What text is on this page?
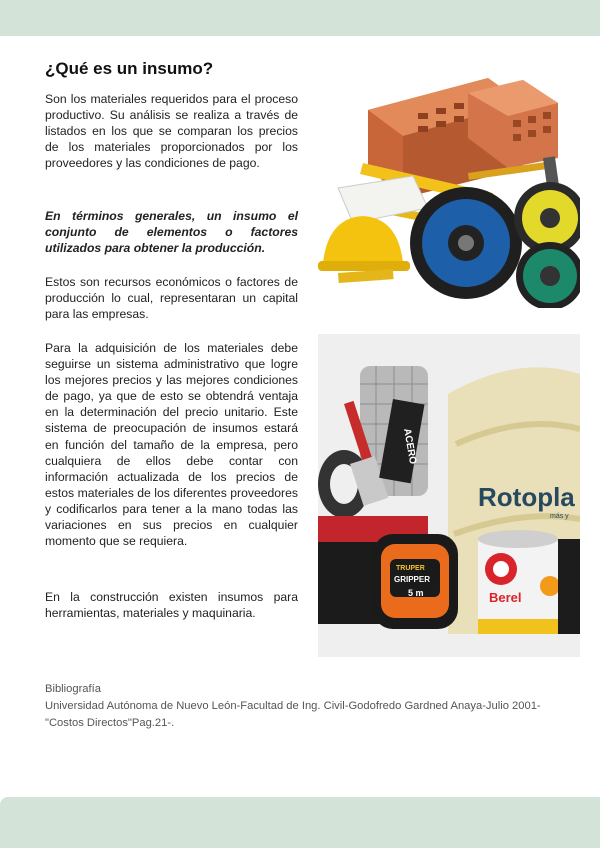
¿Qué es un insumo?

Son los materiales requeridos para el proceso productivo. Su análisis se realiza a través de listados en los que se comparan los precios de los materiales proporcionados por los proveedores y las condiciones de pago.

En términos generales, un insumo el conjunto de elementos o factores utilizados para obtener la producción.

Estos son recursos económicos o factores de producción lo cual, representaran un capital para las empresas.

Para la adquisición de los materiales debe seguirse un sistema administrativo que logre los mejores precios y las mejores condiciones de pago, ya que de esto se obtendrá ventaja en la determinación del precio unitario. Este sistema de preocupación de insumos estará en función del tamaño de la empresa, pero cualquiera de ellos debe contar con información actualizada de los precios de estos materiales de los diferentes proveedores y codificarlos para tener a la mano todas las variaciones en sus precios en cualquier momento que se requiera.

En la construcción existen insumos para herramientas, materiales y maquinaria.

ACERO
Rotopla
más y
TRUPER
GRIPPER
5 m	Berel

Bibliografía

Universidad Autónoma de Nuevo León-Facultad de Ing. Civil-Godofredo Gardned Anaya-Julio 2001-"Costos Directos"Pag.21-.
